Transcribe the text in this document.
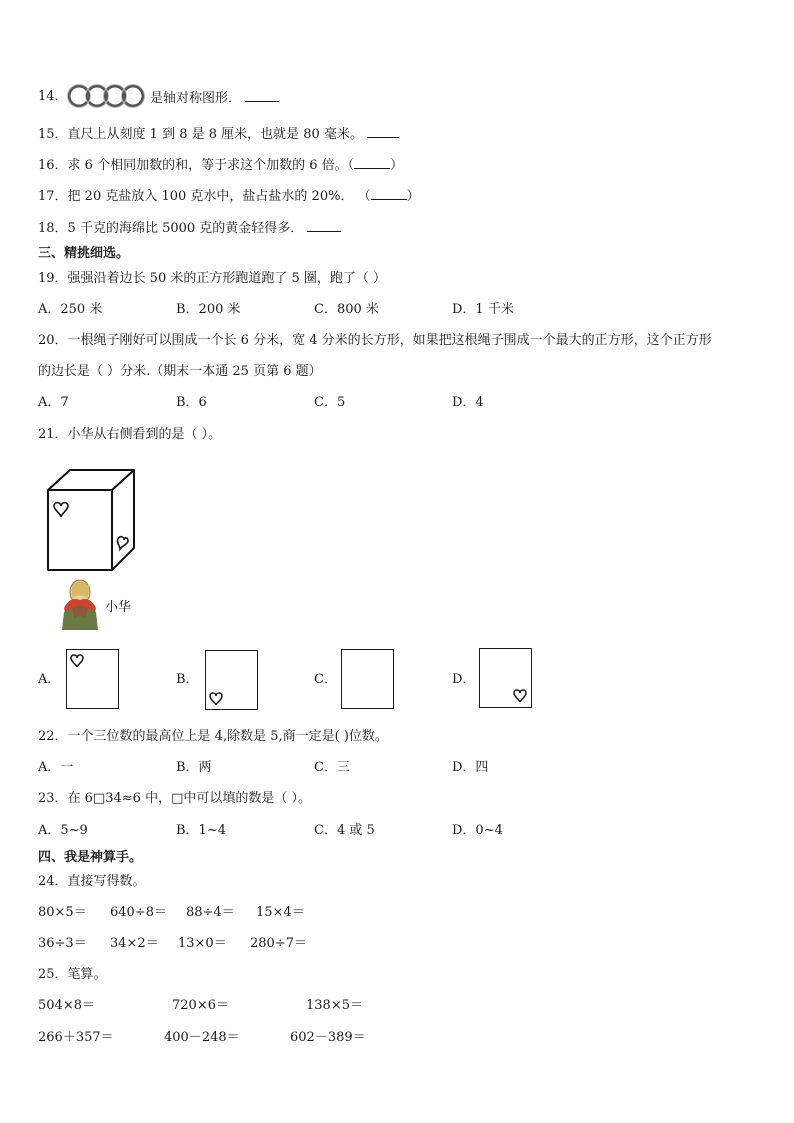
14．	是轴对称图形．
15．直尺上从刻度 1 到 8 是 8 厘米，也就是 80 毫米。
16．求 6 个相同加数的和，等于求这个加数的 6 倍。（	）
17．把 20 克盐放入 100 克水中，盐占盐水的 20%． （	）
18．5 千克的海绵比 5000 克的黄金轻得多．
三、精挑细选。
19．强强沿着边长 50 米的正方形跑道跑了 5 圈，跑了（ ）
A．250 米	B．200 米	C．800 米	D．1 千米
20．一根绳子刚好可以围成一个长 6 分米，宽 4 分米的长方形，如果把这根绳子围成一个最大的正方形，这个正方形
的边长是（ ）分米.（期末一本通 25 页第 6 题）
A．7	B．6	C．5	D．4
21．小华从右侧看到的是（ ）。
小华
A．	B．	C．	D．
22．一个三位数的最高位上是 4,除数是 5,商一定是( )位数。
A．一	B．两	C．三	D．四
23．在 6□34≈6 中，□中可以填的数是（ ）。
A．5~9	B．1~4	C．4 或 5	D．0~4
四、我是神算手。
24．直接写得数。
80×5＝ 640÷8＝ 88÷4＝ 15×4＝
36÷3＝ 34×2＝ 13×0＝ 280÷7＝
25．笔算。
504×8＝	720×6＝	138×5＝
266＋357＝	400－248＝	602－389＝
